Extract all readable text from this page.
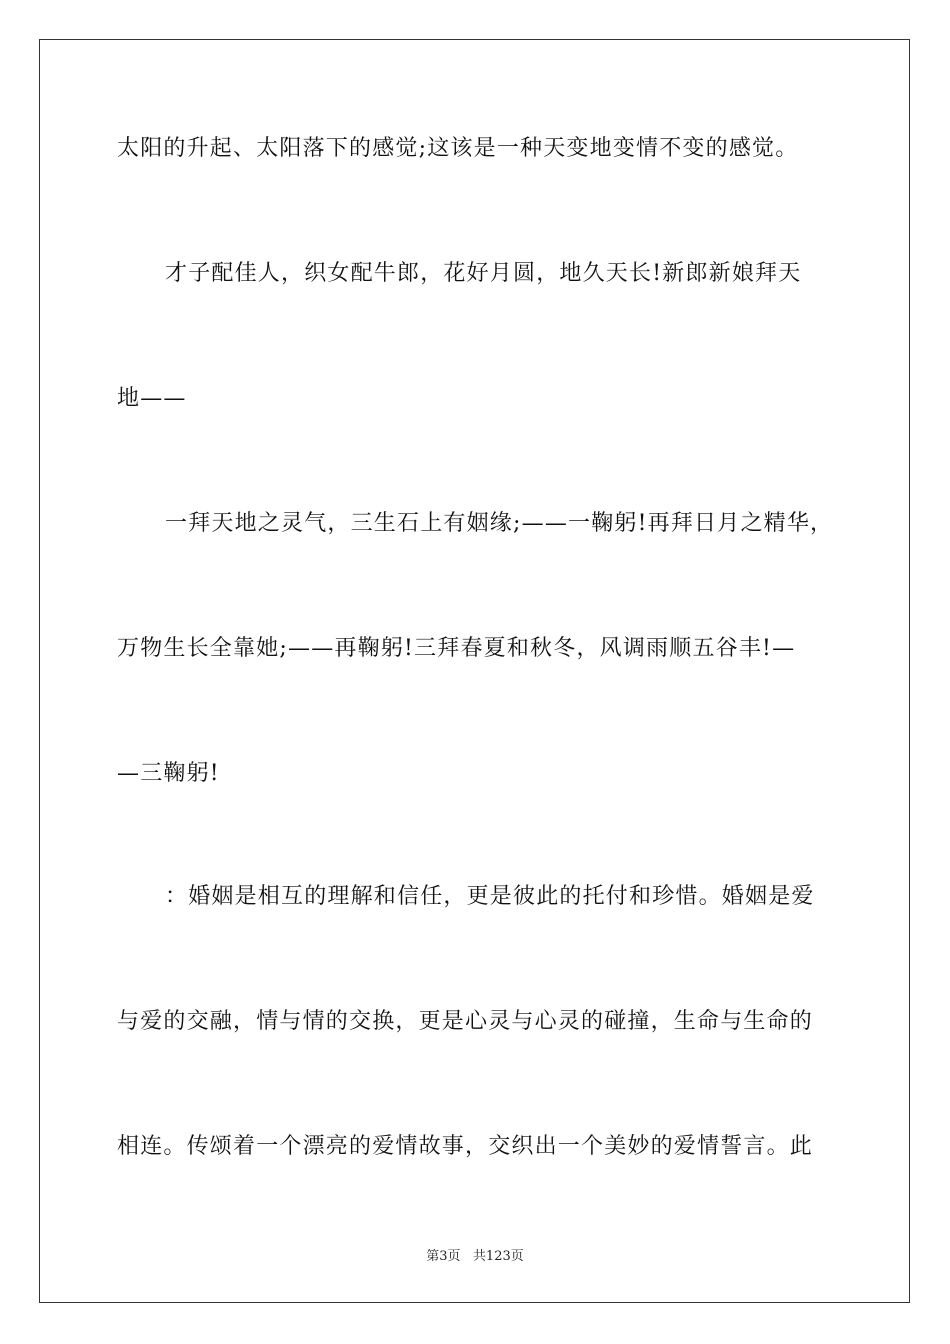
太阳的升起、太阳落下的感觉;这该是一种天变地变情不变的感觉。
才子配佳人，织女配牛郎，花好月圆，地久天长!新郎新娘拜天
地——
一拜天地之灵气，三生石上有姻缘;——一鞠躬!再拜日月之精华，
万物生长全靠她;——再鞠躬!三拜春夏和秋冬，风调雨顺五谷丰!—
—三鞠躬!
：婚姻是相互的理解和信任，更是彼此的托付和珍惜。婚姻是爱
与爱的交融，情与情的交换，更是心灵与心灵的碰撞，生命与生命的
相连。传颂着一个漂亮的爱情故事，交织出一个美妙的爱情誓言。此
第3页 共123页
